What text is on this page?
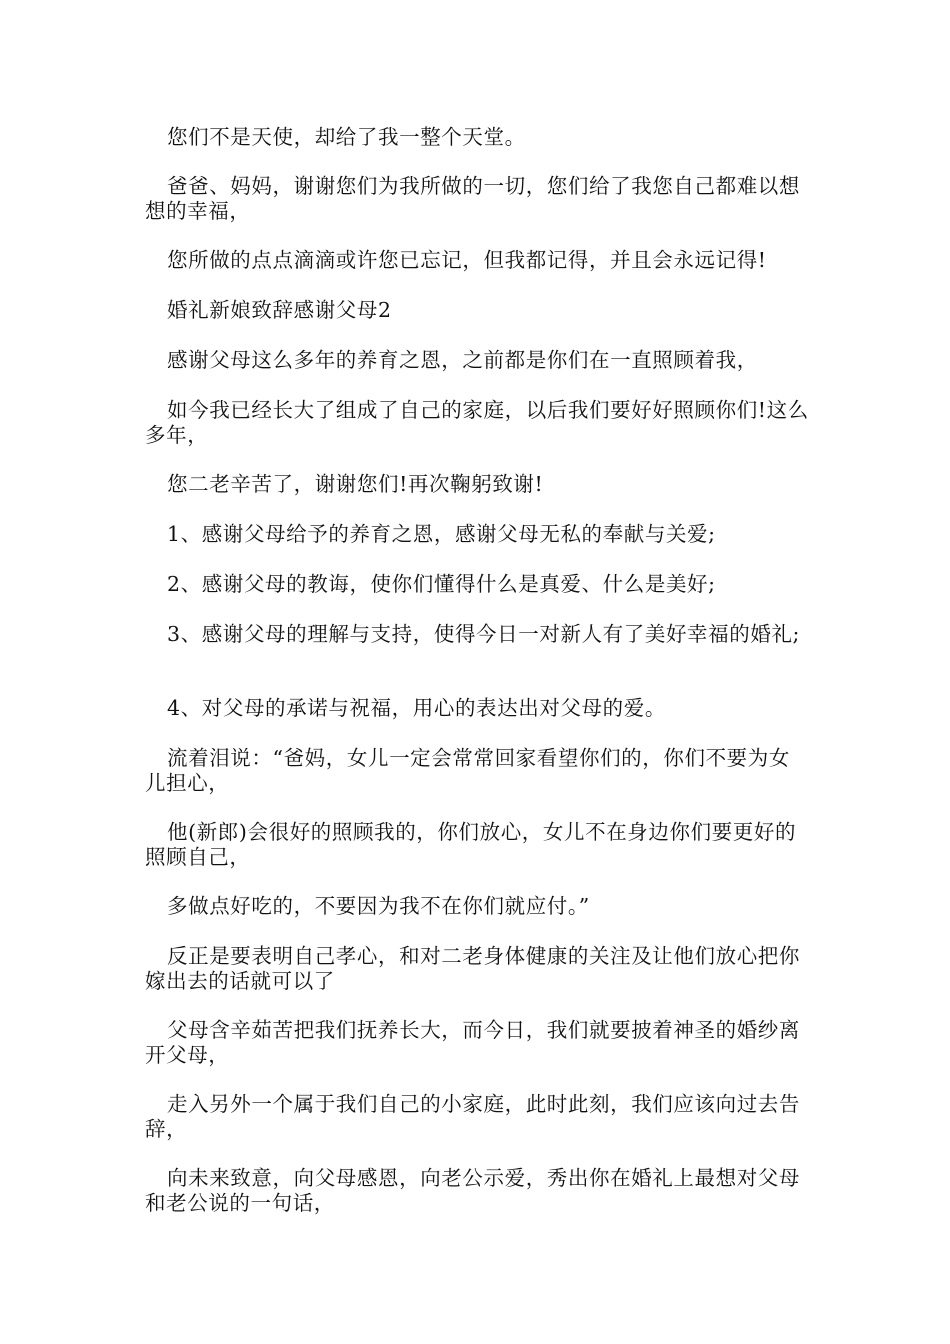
您们不是天使，却给了我一整个天堂。

爸爸、妈妈，谢谢您们为我所做的一切，您们给了我您自己都难以想想的幸福，

您所做的点点滴滴或许您已忘记，但我都记得，并且会永远记得!

婚礼新娘致辞感谢父母2

感谢父母这么多年的养育之恩，之前都是你们在一直照顾着我，

如今我已经长大了组成了自己的家庭，以后我们要好好照顾你们!这么多年，

您二老辛苦了，谢谢您们!再次鞠躬致谢!

1、感谢父母给予的养育之恩，感谢父母无私的奉献与关爱;

2、感谢父母的教诲，使你们懂得什么是真爱、什么是美好;

3、感谢父母的理解与支持，使得今日一对新人有了美好幸福的婚礼;

4、对父母的承诺与祝福，用心的表达出对父母的爱。

流着泪说：“爸妈，女儿一定会常常回家看望你们的，你们不要为女儿担心，

他(新郎)会很好的照顾我的，你们放心，女儿不在身边你们要更好的照顾自己，

多做点好吃的，不要因为我不在你们就应付。”

反正是要表明自己孝心，和对二老身体健康的关注及让他们放心把你嫁出去的话就可以了

父母含辛茹苦把我们抚养长大，而今日，我们就要披着神圣的婚纱离开父母，

走入另外一个属于我们自己的小家庭，此时此刻，我们应该向过去告辞，

向未来致意，向父母感恩，向老公示爱，秀出你在婚礼上最想对父母和老公说的一句话，
